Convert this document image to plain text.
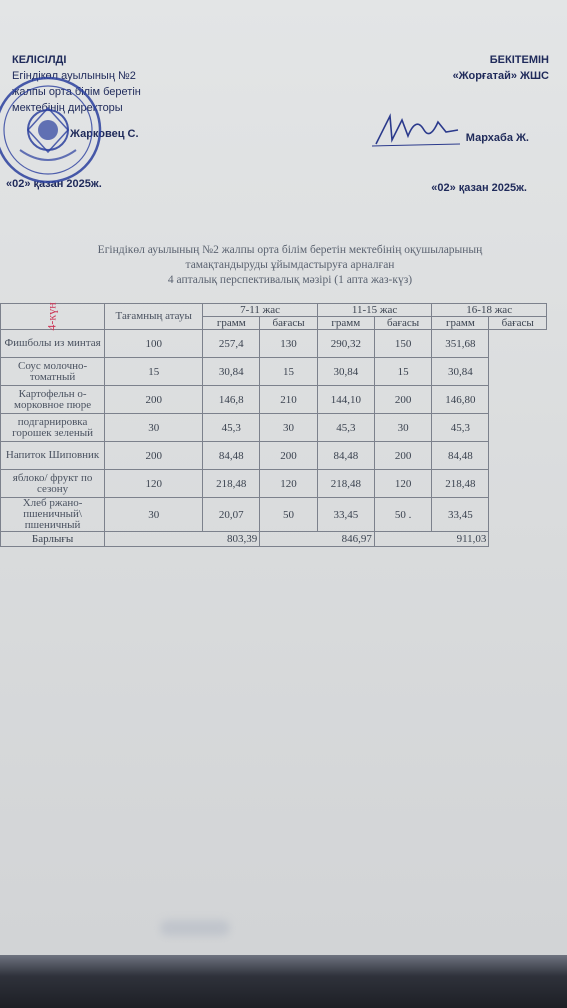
КЕЛІСІЛДІ
Егіндікөл ауылының №2
жалпы орта білім беретін
мектебінің директоры
Жарковец С.
«02» қазан 2025ж.
БЕКІТЕМІН
«Жорғатай» ЖШС
Мархаба Ж.
«02» қазан 2025ж.
Егіндікөл ауылының №2 жалпы орта білім беретін мектебінің оқушыларының
тамақтандыруды ұйымдастыруға арналған
4 апталық перспективалық мәзірі (1 апта жаз-күз)
4-күн	Тағамның атауы	7-11 жас		11-15 жас		16-18 жас	
		грамм	бағасы	грамм	бағасы	грамм	бағасы
Фишболы из минтая	100	257,4	130	290,32	150	351,68	
Соус молочно-томатный	15	30,84	15	30,84	15	30,84	
Картофельн о-морковное пюре	200	146,8	210	144,10	200	146,80	
подгарнировка горошек зеленый	30	45,3	30	45,3	30	45,3	
Напиток Шиповник	200	84,48	200	84,48	200	84,48	
яблоко/ фрукт по сезону	120	218,48	120	218,48	120	218,48	
Хлеб ржано-пшеничный\ пшеничный	30	20,07	50	33,45	50 .	33,45	
Барлығы	803,39		846,97		911,03		
